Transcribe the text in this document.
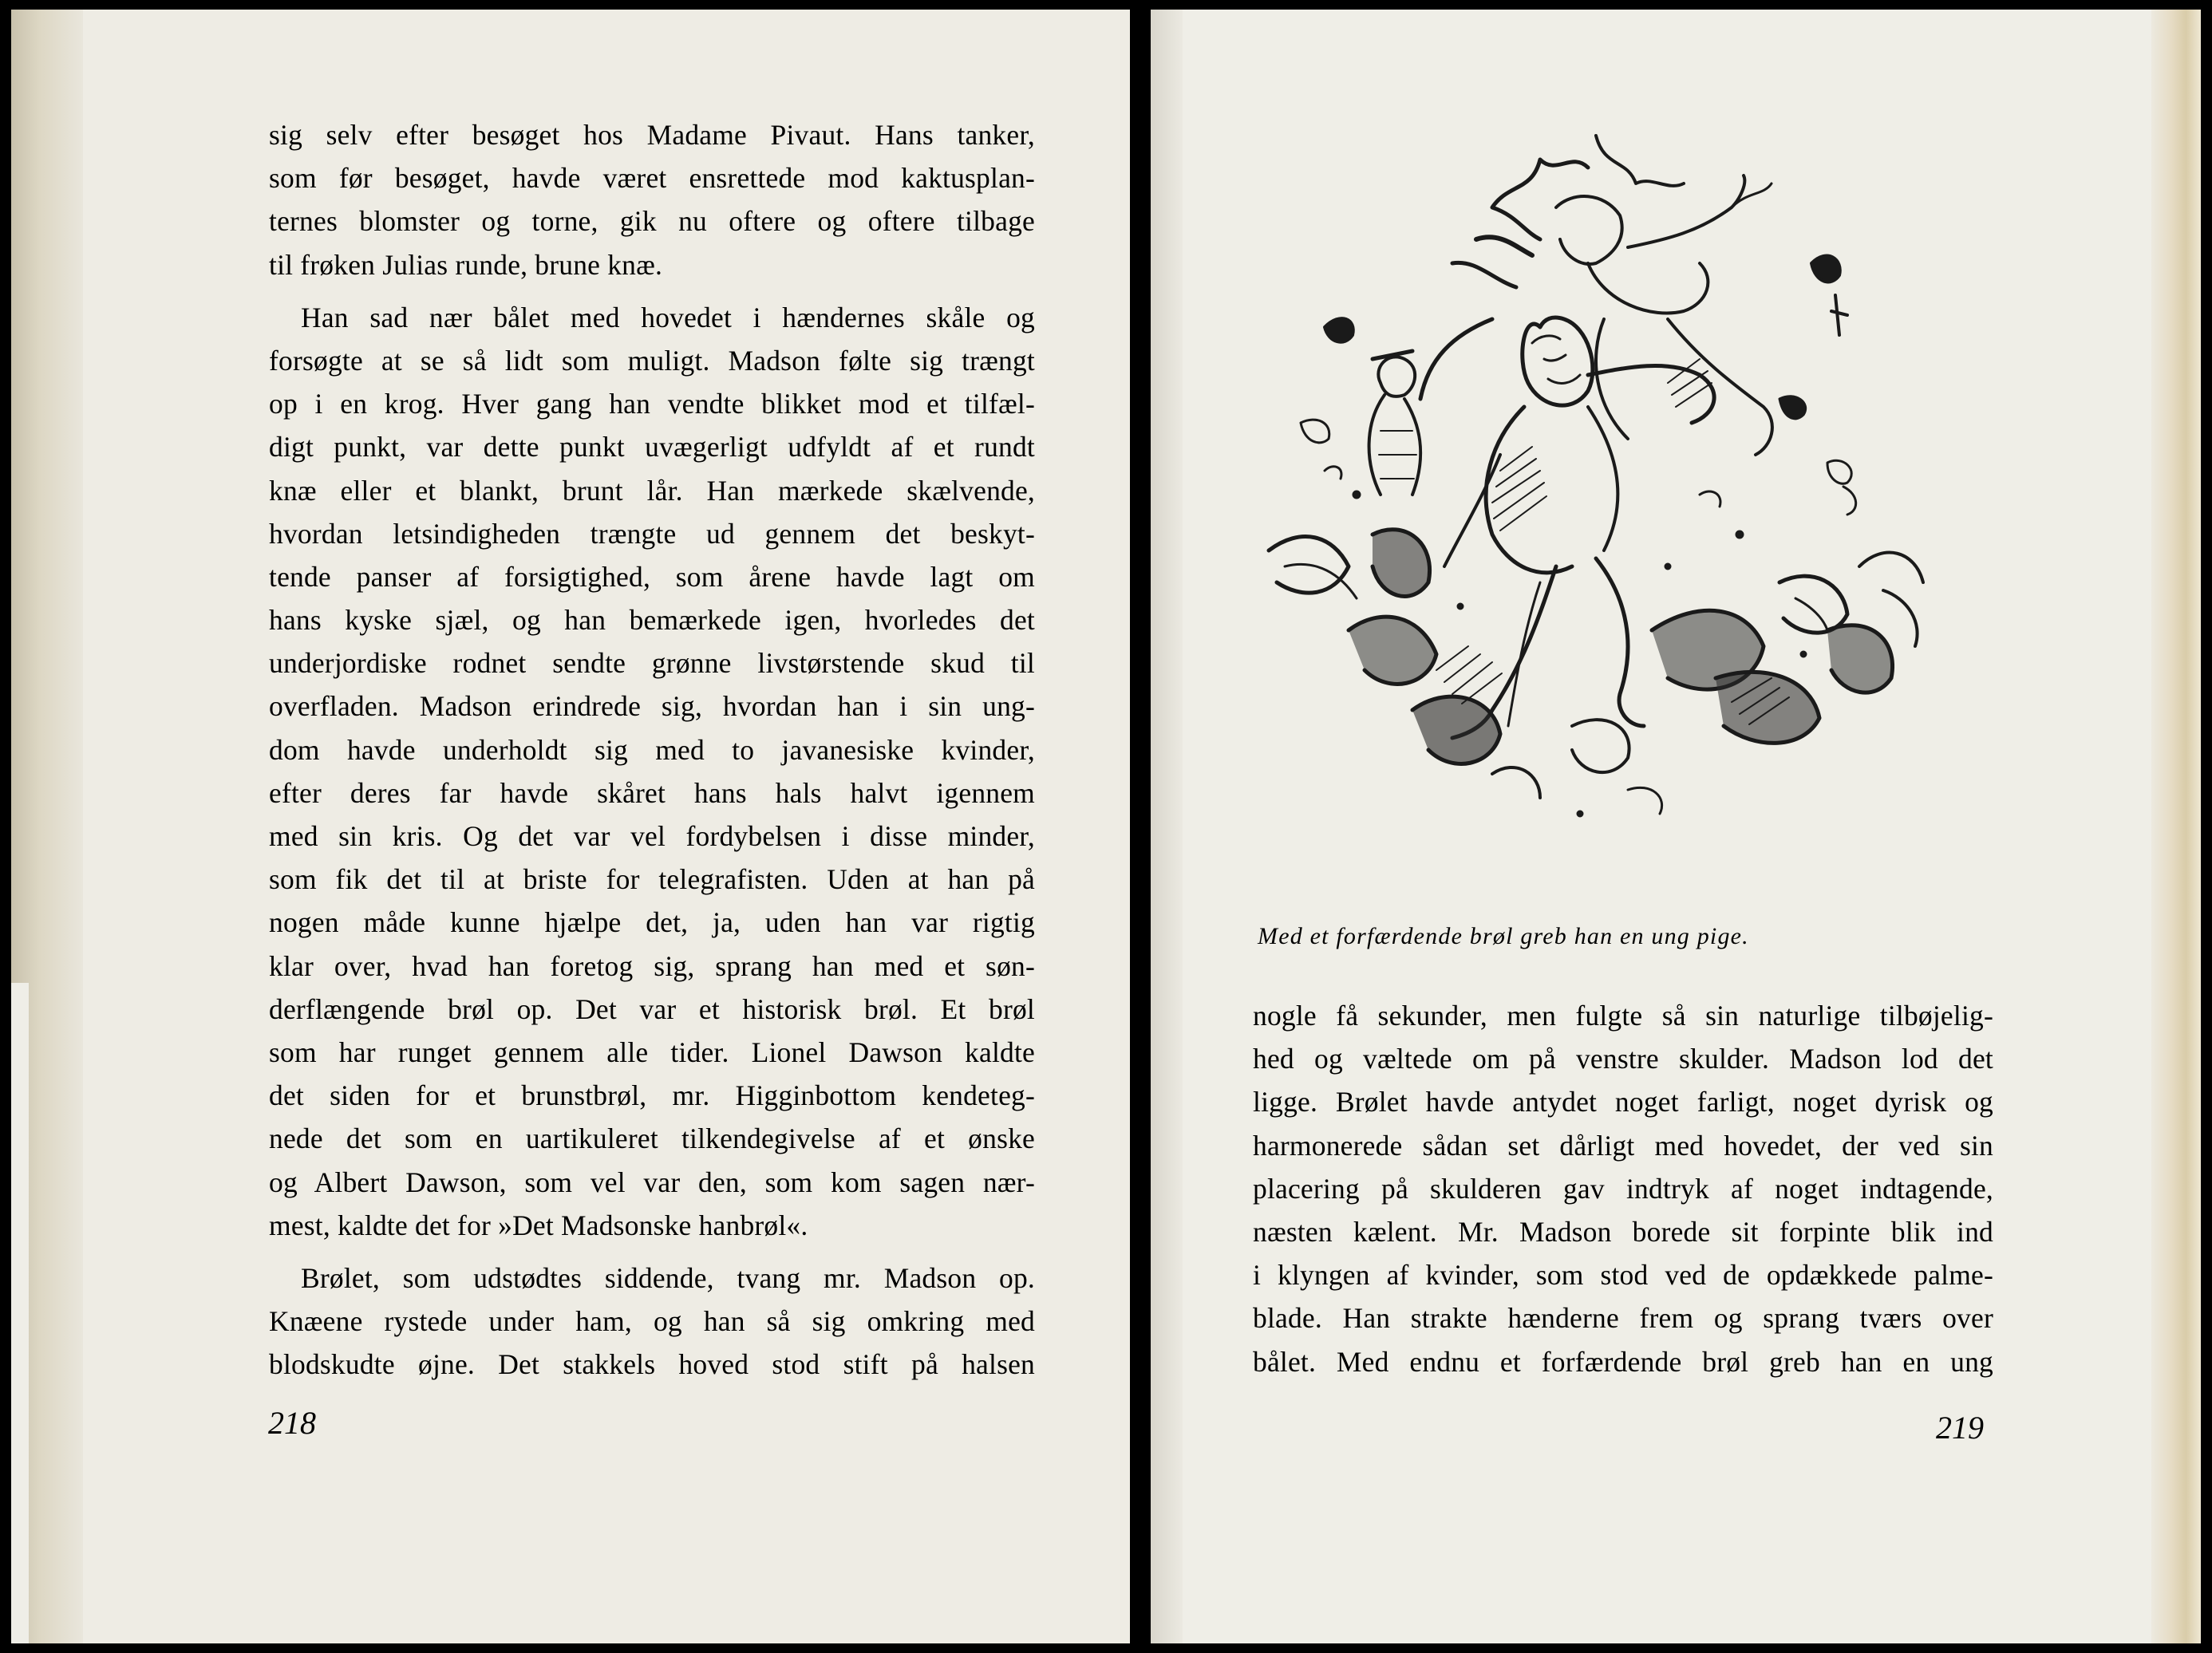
sig selv efter besøget hos Madame Pivaut. Hans tanker,
som før besøget, havde været ensrettede mod kaktusplan-
ternes blomster og torne, gik nu oftere og oftere tilbage
til frøken Julias runde, brune knæ.
Han sad nær bålet med hovedet i hændernes skåle og
forsøgte at se så lidt som muligt. Madson følte sig trængt
op i en krog. Hver gang han vendte blikket mod et tilfæl-
digt punkt, var dette punkt uvægerligt udfyldt af et rundt
knæ eller et blankt, brunt lår. Han mærkede skælvende,
hvordan letsindigheden trængte ud gennem det beskyt-
tende panser af forsigtighed, som årene havde lagt om
hans kyske sjæl, og han bemærkede igen, hvorledes det
underjordiske rodnet sendte grønne livstørstende skud til
overfladen. Madson erindrede sig, hvordan han i sin ung-
dom havde underholdt sig med to javanesiske kvinder,
efter deres far havde skåret hans hals halvt igennem
med sin kris. Og det var vel fordybelsen i disse minder,
som fik det til at briste for telegrafisten. Uden at han på
nogen måde kunne hjælpe det, ja, uden han var rigtig
klar over, hvad han foretog sig, sprang han med et søn-
derflængende brøl op. Det var et historisk brøl. Et brøl
som har runget gennem alle tider. Lionel Dawson kaldte
det siden for et brunstbrøl, mr. Higginbottom kendeteg-
nede det som en uartikuleret tilkendegivelse af et ønske
og Albert Dawson, som vel var den, som kom sagen nær-
mest, kaldte det for »Det Madsonske hanbrøl«.
Brølet, som udstødtes siddende, tvang mr. Madson op.
Knæene rystede under ham, og han så sig omkring med
blodskudte øjne. Det stakkels hoved stod stift på halsen
218
Med et forfærdende brøl greb han en ung pige.
nogle få sekunder, men fulgte så sin naturlige tilbøjelig-
hed og væltede om på venstre skulder. Madson lod det
ligge. Brølet havde antydet noget farligt, noget dyrisk og
harmonerede sådan set dårligt med hovedet, der ved sin
placering på skulderen gav indtryk af noget indtagende,
næsten kælent. Mr. Madson borede sit forpinte blik ind
i klyngen af kvinder, som stod ved de opdækkede palme-
blade. Han strakte hænderne frem og sprang tværs over
bålet. Med endnu et forfærdende brøl greb han en ung
219
